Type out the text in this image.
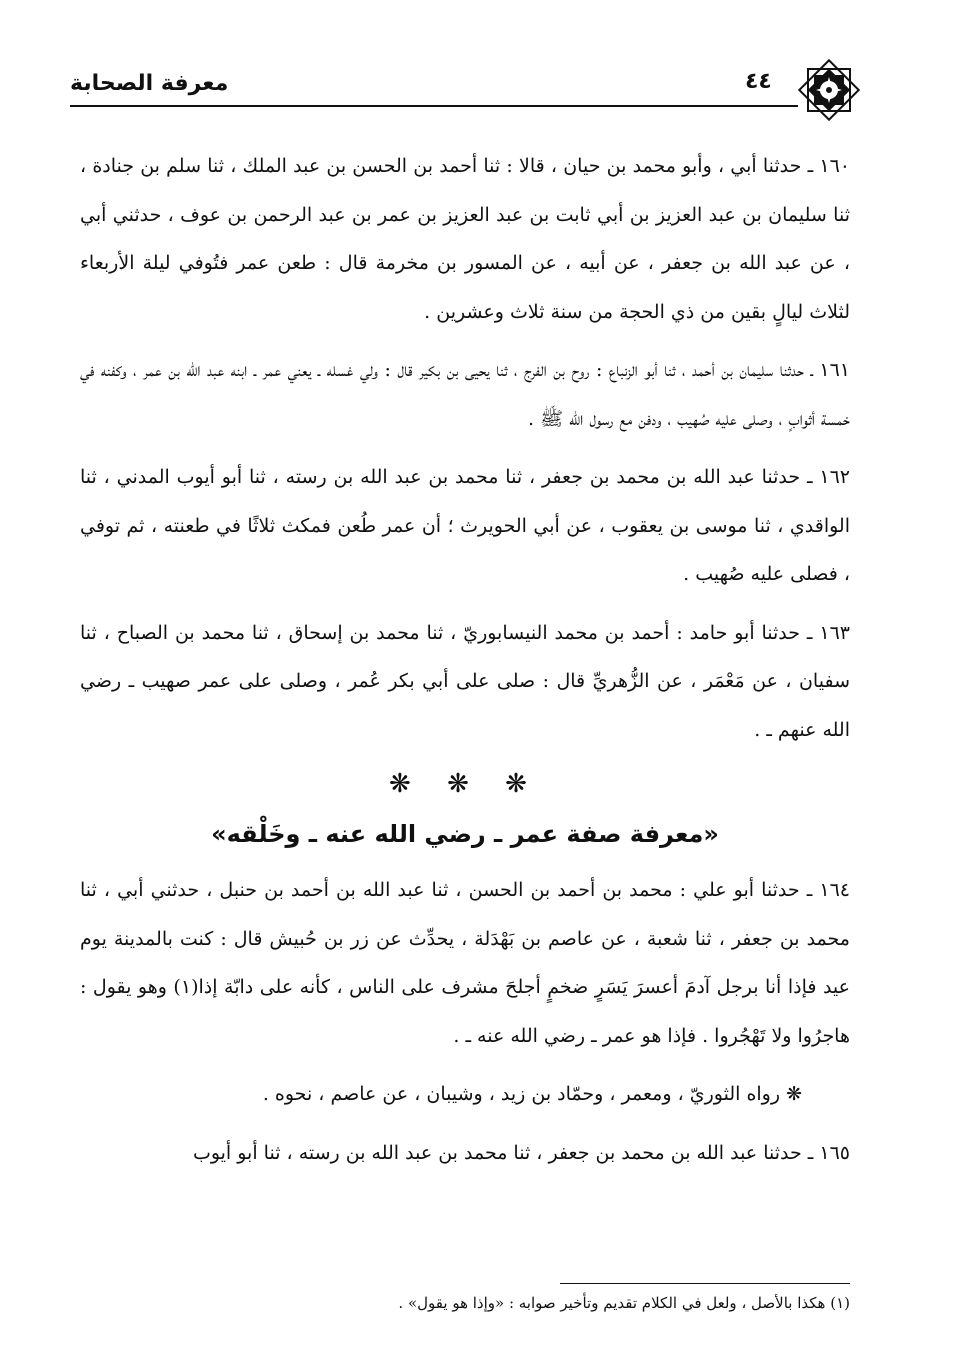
معرفة الصحابة	٤٤

١٦٠ ـ حدثنا أبي ، وأبو محمد بن حيان ، قالا : ثنا أحمد بن الحسن بن عبد الملك ، ثنا سلم بن جنادة ، ثنا سليمان بن عبد العزيز بن أبي ثابت بن عبد العزيز بن عمر بن عبد الرحمن بن عوف ، حدثني أبي ، عن عبد الله بن جعفر ، عن أبيه ، عن المسور بن مخرمة قال : طعن عمر فتُوفي ليلة الأربعاء لثلاث ليالٍ بقين من ذي الحجة من سنة ثلاث وعشرين .

١٦١ ـ حدثنا سليمان بن أحمد ، ثنا أبو الزنباع : روح بن الفرج ، ثنا يحيى بن بكير قال : ولي غسله ـ يعني عمر ـ ابنه عبد الله بن عمر ، وكفنه في خمسة أثوابٍ ، وصلى عليه صُهيب ، ودفن مع رسول الله ﷺ .

١٦٢ ـ حدثنا عبد الله بن محمد بن جعفر ، ثنا محمد بن عبد الله بن رسته ، ثنا أبو أيوب المدني ، ثنا الواقدي ، ثنا موسى بن يعقوب ، عن أبي الحويرث ؛ أن عمر طُعن فمكث ثلاثًا في طعنته ، ثم توفي ، فصلى عليه صُهيب .

١٦٣ ـ حدثنا أبو حامد : أحمد بن محمد النيسابوريّ ، ثنا محمد بن إسحاق ، ثنا محمد بن الصباح ، ثنا سفيان ، عن مَعْمَر ، عن الزُّهريِّ قال : صلى على أبي بكر عُمر ، وصلى على عمر صهيب ـ رضي الله عنهم ـ .

❋ ❋ ❋
«معرفة صفة عمر ـ رضي الله عنه ـ وخَلْقه»

١٦٤ ـ حدثنا أبو علي : محمد بن أحمد بن الحسن ، ثنا عبد الله بن أحمد بن حنبل ، حدثني أبي ، ثنا محمد بن جعفر ، ثنا شعبة ، عن عاصم بن بَهْدَلة ، يحدِّث عن زر بن حُبيش قال : كنت بالمدينة يوم عيد فإذا أنا برجل آدمَ أعسرَ يَسَرٍ ضخمٍ أجلحَ مشرف على الناس ، كأنه على دابّة إذا(١) وهو يقول : هاجرُوا ولا تَهْجُروا . فإذا هو عمر ـ رضي الله عنه ـ .

❋ رواه الثوريّ ، ومعمر ، وحمّاد بن زيد ، وشيبان ، عن عاصم ، نحوه .

١٦٥ ـ حدثنا عبد الله بن محمد بن جعفر ، ثنا محمد بن عبد الله بن رسته ، ثنا أبو أيوب

(١) هكذا بالأصل ، ولعل في الكلام تقديم وتأخير صوابه : «وإذا هو يقول» .
